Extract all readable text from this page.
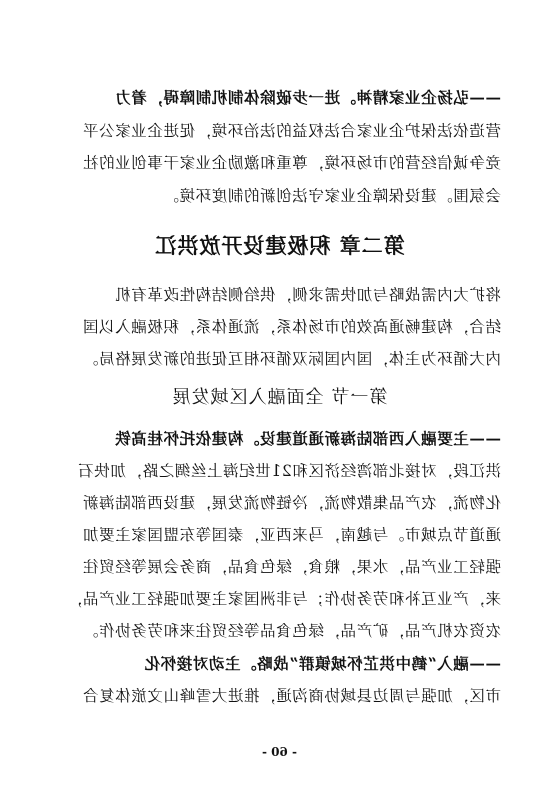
——弘扬企业家精神。进一步破除体制机制障碍，着力
营造依法保护企业家合法权益的法治环境，促进企业家公平
竞争诚信经营的市场环境，尊重和激励企业家干事创业的社
会氛围。建设保障企业家守法创新的制度环境。
第二章 积极建设开放洪江
将扩大内需战略与加快需求侧，供给侧结构性改革有机
结合，构建畅通高效的市场体系，流通体系，积极融入以国
内大循环为主体，国内国际双循环相互促进的新发展格局。
第一节 全面融入区域发展
——主要融入西部陆海新通道建设。构建依托怀桂高铁
洪江段，对接北部湾经济区和21世纪海上丝绸之路，加快石
化物流，农产品集散物流，冷链物流发展，建设西部陆海新
通道节点城市。与越南，马来西亚，泰国等东盟国家主要加
强轻工业产品，水果，粮食，绿色食品，商务会展等经贸往
来，产业互补和劳务协作；与非洲国家主要加强轻工业产品，
农资农机产品，矿产品，绿色食品等经贸往来和劳务协作。
——融入“鹤中洪芷怀城镇群”战略。主动对接怀化
市区，加强与周边县域协商沟通，推进大雪峰山文旅体复合
- 60 -
